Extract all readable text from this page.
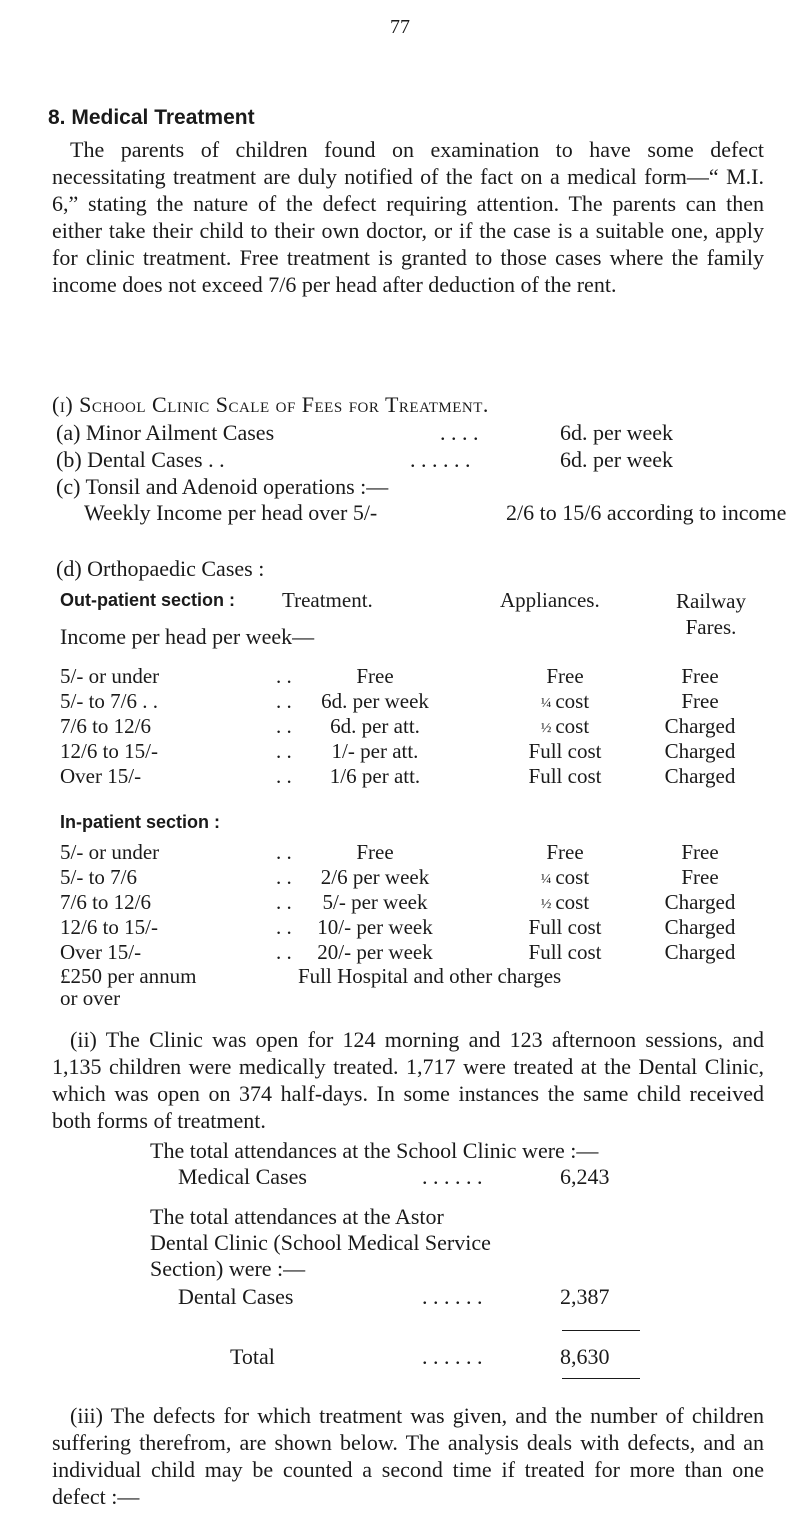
77
8. Medical Treatment

The parents of children found on examination to have some defect necessitating treatment are duly notified of the fact on a medical form—“ M.I. 6,” stating the nature of the defect requiring attention. The parents can then either take their child to their own doctor, or if the case is a suitable one, apply for clinic treatment. Free treatment is granted to those cases where the family income does not exceed 7/6 per head after deduction of the rent.

(i) School Clinic Scale of Fees for Treatment.
(a) Minor Ailment Cases	. . . .	6d. per week
(b) Dental Cases . .	. . . . . .	6d. per week
(c) Tonsil and Adenoid operations :—
Weekly Income per head over 5/-	2/6 to 15/6 according to income
(d) Orthopaedic Cases :
Out-patient section : Treatment.	Appliances.	Railway Fares.
Income per head per week—
5/- or under	. .	Free	Free	Free
5/- to 7/6 . .	. .	6d. per week	¼ cost	Free
7/6 to 12/6	. .	6d. per att.	½ cost	Charged
12/6 to 15/-	. .	1/- per att.	Full cost	Charged
Over 15/-	. .	1/6 per att.	Full cost	Charged
In-patient section :
5/- or under	. .	Free	Free	Free
5/- to 7/6	. .	2/6 per week	¼ cost	Free
7/6 to 12/6	. .	5/- per week	½ cost	Charged
12/6 to 15/-	. .	10/- per week	Full cost	Charged
Over 15/-	. .	20/- per week	Full cost	Charged
£250 per annum	Full Hospital and other charges
or over

(ii) The Clinic was open for 124 morning and 123 afternoon sessions, and 1,135 children were medically treated. 1,717 were treated at the Dental Clinic, which was open on 374 half-days. In some instances the same child received both forms of treatment.

The total attendances at the School Clinic were :—
Medical Cases	. . . . . .	6,243
The total attendances at the Astor
Dental Clinic (School Medical Service
Section) were :—
Dental Cases	. . . . . .	2,387
Total	. . . . . .	8,630

(iii) The defects for which treatment was given, and the number of children suffering therefrom, are shown below. The analysis deals with defects, and an individual child may be counted a second time if treated for more than one defect :—
